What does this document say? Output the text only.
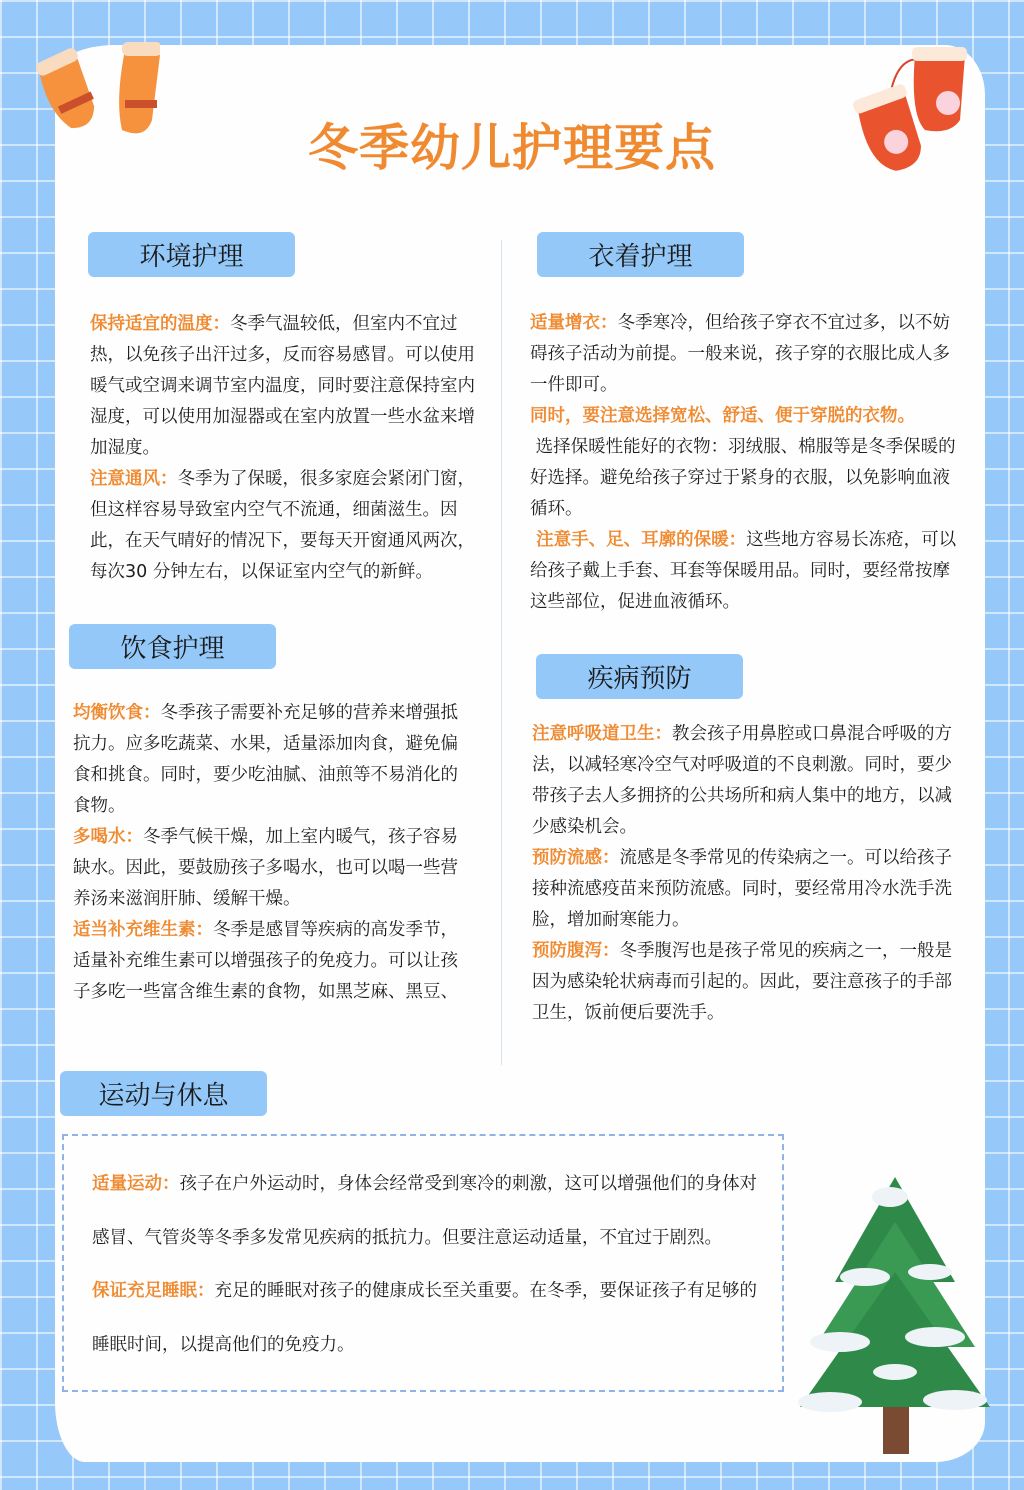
冬季幼儿护理要点
环境护理

保持适宜的温度：冬季气温较低，但室内不宜过热，以免孩子出汗过多，反而容易感冒。可以使用暖气或空调来调节室内温度，同时要注意保持室内湿度，可以使用加湿器或在室内放置一些水盆来增加湿度。

注意通风：冬季为了保暖，很多家庭会紧闭门窗，但这样容易导致室内空气不流通，细菌滋生。因此，在天气晴好的情况下，要每天开窗通风两次，每次30 分钟左右，以保证室内空气的新鲜。

饮食护理

均衡饮食：冬季孩子需要补充足够的营养来增强抵抗力。应多吃蔬菜、水果，适量添加肉食，避免偏食和挑食。同时，要少吃油腻、油煎等不易消化的食物。

多喝水：冬季气候干燥，加上室内暖气，孩子容易缺水。因此，要鼓励孩子多喝水，也可以喝一些营养汤来滋润肝肺、缓解干燥。

适当补充维生素：冬季是感冒等疾病的高发季节，适量补充维生素可以增强孩子的免疫力。可以让孩子多吃一些富含维生素的食物，如黑芝麻、黑豆、

衣着护理

适量增衣：冬季寒冷，但给孩子穿衣不宜过多，以不妨碍孩子活动为前提。一般来说，孩子穿的衣服比成人多一件即可。

同时，要注意选择宽松、舒适、便于穿脱的衣物。

选择保暖性能好的衣物：羽绒服、棉服等是冬季保暖的好选择。避免给孩子穿过于紧身的衣服，以免影响血液循环。

注意手、足、耳廓的保暖：这些地方容易长冻疮，可以给孩子戴上手套、耳套等保暖用品。同时，要经常按摩这些部位，促进血液循环。

疾病预防

注意呼吸道卫生：教会孩子用鼻腔或口鼻混合呼吸的方法，以减轻寒冷空气对呼吸道的不良刺激。同时，要少带孩子去人多拥挤的公共场所和病人集中的地方，以减少感染机会。

预防流感：流感是冬季常见的传染病之一。可以给孩子接种流感疫苗来预防流感。同时，要经常用冷水洗手洗脸，增加耐寒能力。

预防腹泻：冬季腹泻也是孩子常见的疾病之一，一般是因为感染轮状病毒而引起的。因此，要注意孩子的手部卫生，饭前便后要洗手。

运动与休息

适量运动：孩子在户外运动时，身体会经常受到寒冷的刺激，这可以增强他们的身体对感冒、气管炎等冬季多发常见疾病的抵抗力。但要注意运动适量，不宜过于剧烈。

保证充足睡眠：充足的睡眠对孩子的健康成长至关重要。在冬季，要保证孩子有足够的睡眠时间，以提高他们的免疫力。
